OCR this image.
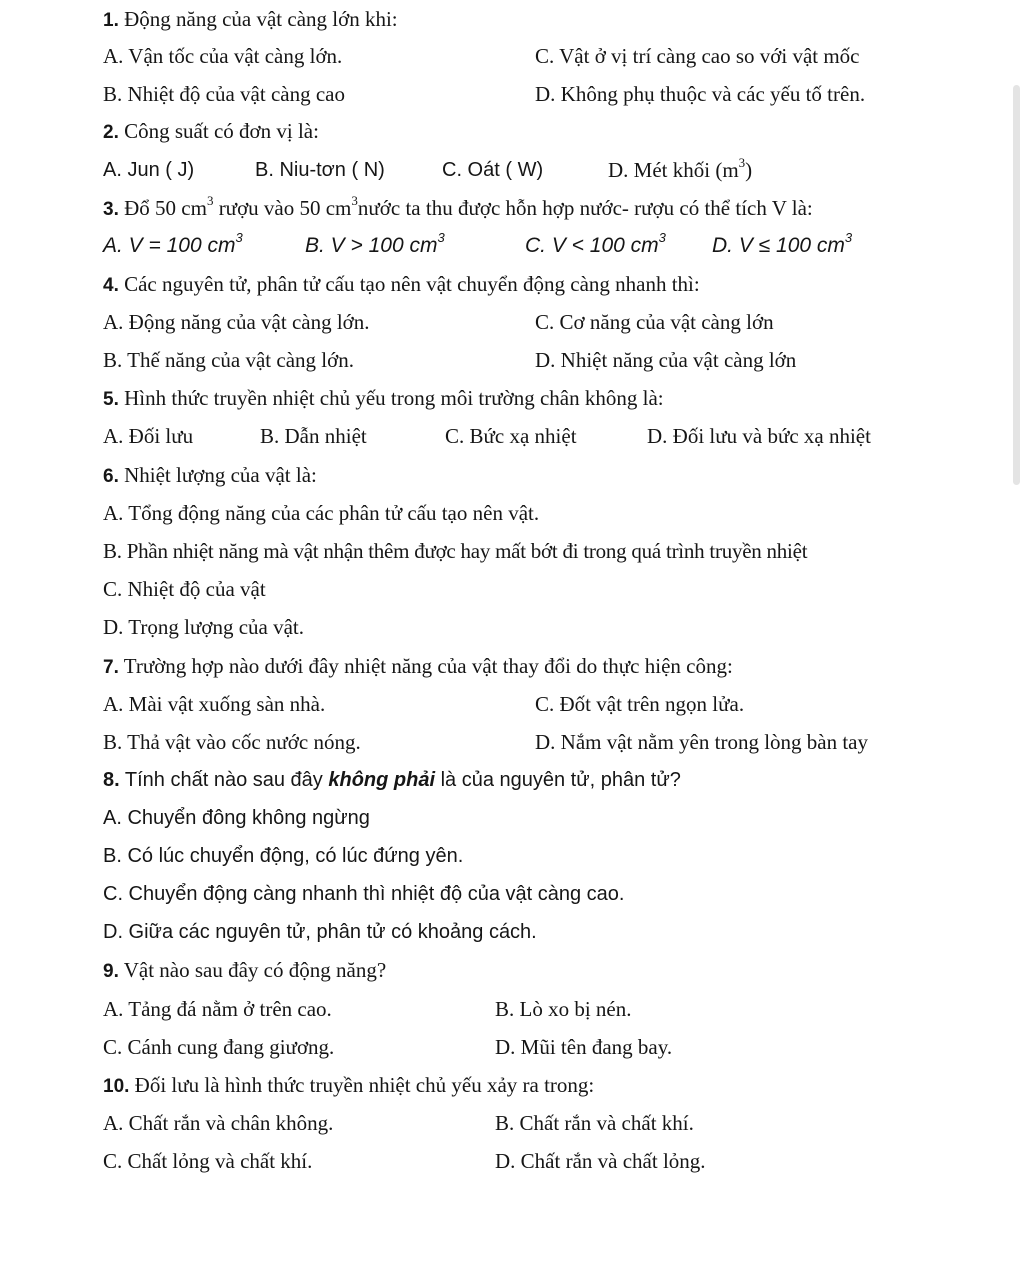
1. Động năng của vật càng lớn khi:
A. Vận tốc của vật càng lớn.	C. Vật ở vị trí càng cao so với vật mốc
B. Nhiệt độ của vật càng cao	D. Không phụ thuộc và các yếu tố trên.
2. Công suất có đơn vị là:
A. Jun ( J)	B. Niu-tơn ( N)	C. Oát ( W)	D. Mét khối $(m^3)$
3. Đổ 50 $cm^3$ rượu vào 50 $cm^3nước$ ta thu được hỗn hợp nước- rượu có thể tích V là:
A. V = 100 $cm^3$	B. V > 100 $cm^3$	C. V < 100 $cm^3$ D. V ≤ 100 $cm^3$
4. Các nguyên tử, phân tử cấu tạo nên vật chuyển động càng nhanh thì:
A. Động năng của vật càng lớn.	C. Cơ năng của vật càng lớn
B. Thế năng của vật càng lớn.	D. Nhiệt năng của vật càng lớn
5. Hình thức truyền nhiệt chủ yếu trong môi trường chân không là:
A. Đối lưu	B. Dẫn nhiệt	C. Bức xạ nhiệt	D. Đối lưu và bức xạ nhiệt
6. Nhiệt lượng của vật là:
A. Tổng động năng của các phân tử cấu tạo nên vật.
B. Phần nhiệt năng mà vật nhận thêm được hay mất bớt đi trong quá trình truyền nhiệt
C. Nhiệt độ của vật
D. Trọng lượng của vật.
7. Trường hợp nào dưới đây nhiệt năng của vật thay đổi do thực hiện công:
A. Mài vật xuống sàn nhà.	C. Đốt vật trên ngọn lửa.
B. Thả vật vào cốc nước nóng.	D. Nắm vật nằm yên trong lòng bàn tay
8. Tính chất nào sau đây không phải là của nguyên tử, phân tử?
A. Chuyển đông không ngừng
B. Có lúc chuyển động, có lúc đứng yên.
C. Chuyển động càng nhanh thì nhiệt độ của vật càng cao.
D. Giữa các nguyên tử, phân tử có khoảng cách.
9. Vật nào sau đây có động năng?
A. Tảng đá nằm ở trên cao.	B. Lò xo bị nén.
C. Cánh cung đang giương.	D. Mũi tên đang bay.
10. Đối lưu là hình thức truyền nhiệt chủ yếu xảy ra trong:
A. Chất rắn và chân không.	B. Chất rắn và chất khí.
C. Chất lỏng và chất khí.	D. Chất rắn và chất lỏng.
